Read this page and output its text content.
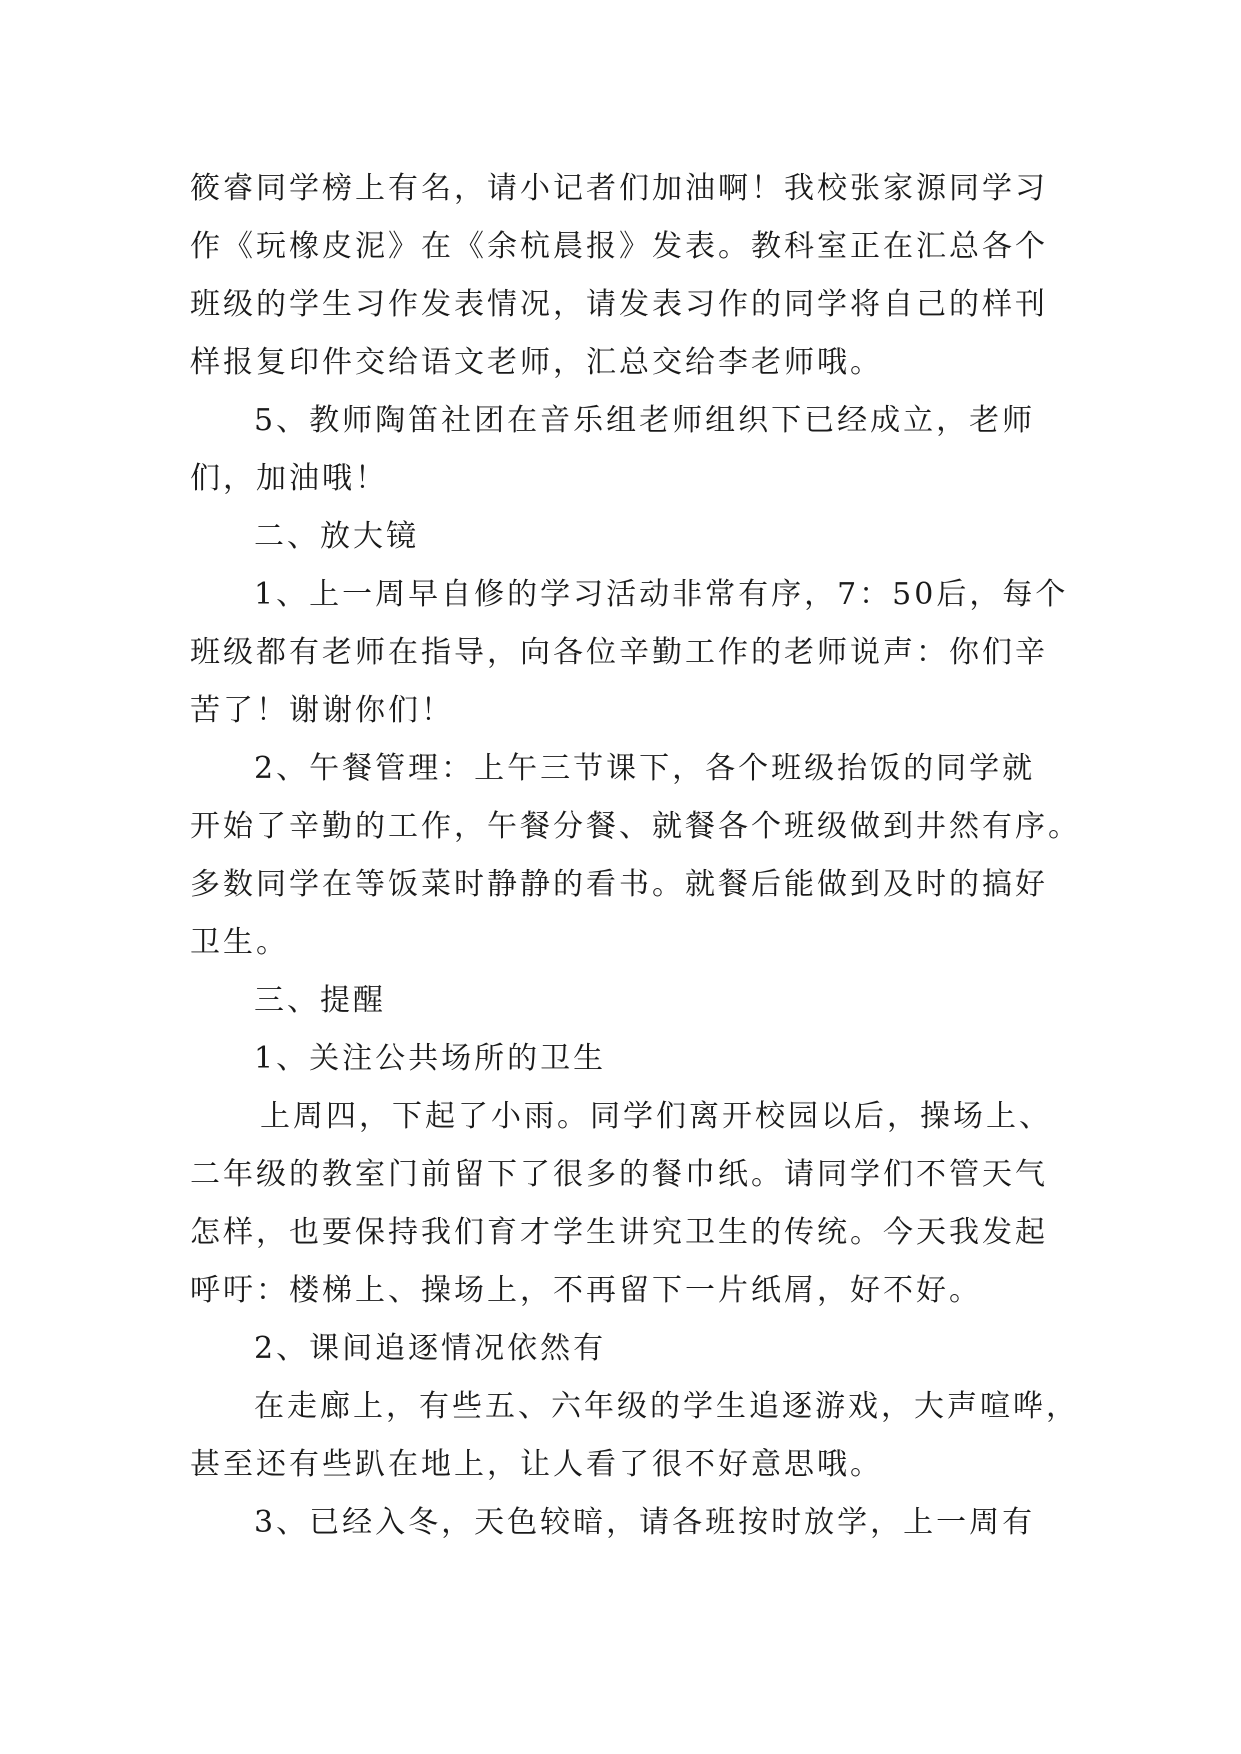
筱睿同学榜上有名，请小记者们加油啊！我校张家源同学习
作《玩橡皮泥》在《余杭晨报》发表。教科室正在汇总各个
班级的学生习作发表情况，请发表习作的同学将自己的样刊
样报复印件交给语文老师，汇总交给李老师哦。
5、教师陶笛社团在音乐组老师组织下已经成立，老师
们，加油哦！
二、放大镜
1、上一周早自修的学习活动非常有序，7：50后，每个
班级都有老师在指导，向各位辛勤工作的老师说声：你们辛
苦了！谢谢你们！
2、午餐管理：上午三节课下，各个班级抬饭的同学就
开始了辛勤的工作，午餐分餐、就餐各个班级做到井然有序。
多数同学在等饭菜时静静的看书。就餐后能做到及时的搞好
卫生。
三、提醒
1、关注公共场所的卫生
上周四，下起了小雨。同学们离开校园以后，操场上、
二年级的教室门前留下了很多的餐巾纸。请同学们不管天气
怎样，也要保持我们育才学生讲究卫生的传统。今天我发起
呼吁：楼梯上、操场上，不再留下一片纸屑，好不好。
2、课间追逐情况依然有
在走廊上，有些五、六年级的学生追逐游戏，大声喧哗，
甚至还有些趴在地上，让人看了很不好意思哦。
3、已经入冬，天色较暗，请各班按时放学，上一周有
